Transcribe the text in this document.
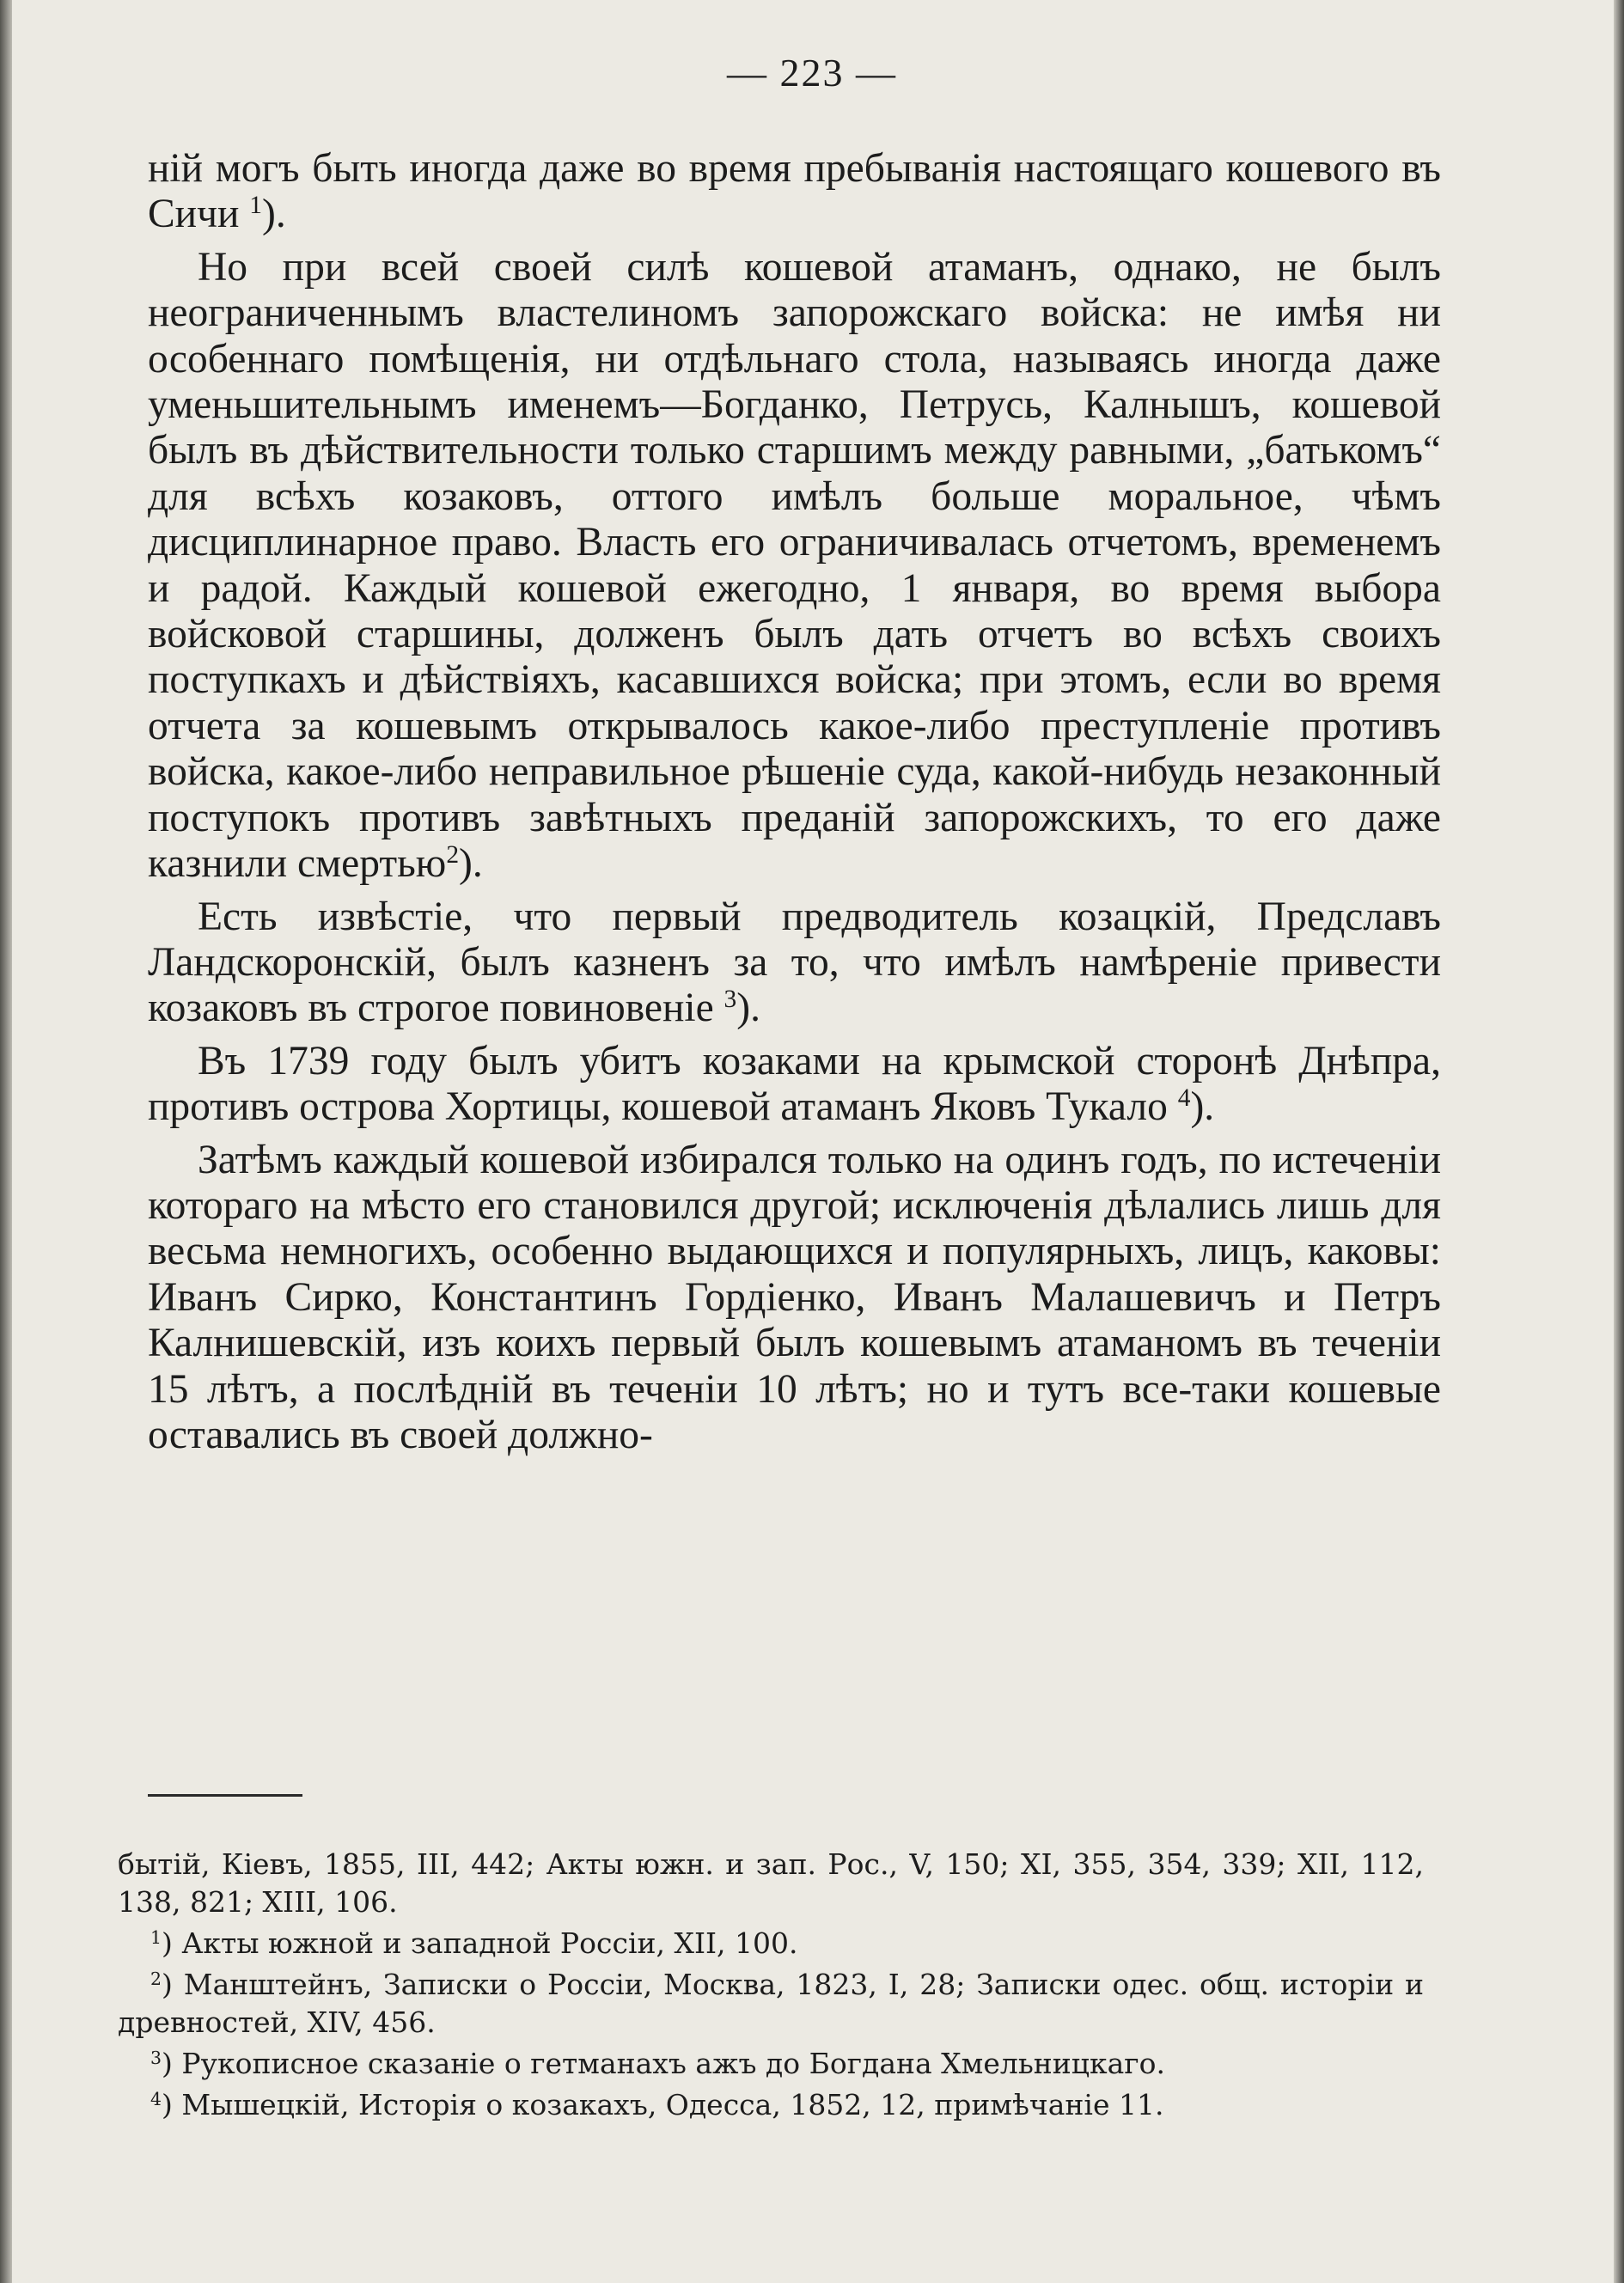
— 223 —

ній могъ быть иногда даже во время пребыванія настоящаго кошевого въ Сичи $^1$).

Но при всей своей силѣ кошевой атаманъ, однако, не былъ неограниченнымъ властелиномъ запорожскаго войска: не имѣя ни особеннаго помѣщенія, ни отдѣльнаго стола, называясь иногда даже уменьшительнымъ именемъ—Богданко, Петрусь, Калнышъ, кошевой былъ въ дѣйствительности только старшимъ между равными, „батькомъ“ для всѣхъ козаковъ, оттого имѣлъ больше моральное, чѣмъ дисциплинарное право. Власть его ограничивалась отчетомъ, временемъ и радой. Каждый кошевой ежегодно, 1 января, во время выбора войсковой старшины, долженъ былъ дать отчетъ во всѣхъ своихъ поступкахъ и дѣйствіяхъ, касавшихся войска; при этомъ, если во время отчета за кошевымъ открывалось какое-либо преступленіе противъ войска, какое-либо неправильное рѣшеніе суда, какой-нибудь незаконный поступокъ противъ завѣтныхъ преданій запорожскихъ, то его даже казнили смертью$^2$).

Есть извѣстіе, что первый предводитель козацкій, Предславъ Ландскоронскій, былъ казненъ за то, что имѣлъ намѣреніе привести козаковъ въ строгое повиновеніе $^3$).

Въ 1739 году былъ убитъ козаками на крымской сторонѣ Днѣпра, противъ острова Хортицы, кошевой атаманъ Яковъ Тукало $^4$).

Затѣмъ каждый кошевой избирался только на одинъ годъ, по истеченіи котораго на мѣсто его становился другой; исключенія дѣлались лишь для весьма немногихъ, особенно выдающихся и популярныхъ, лицъ, каковы: Иванъ Сирко, Константинъ Гордіенко, Иванъ Малашевичъ и Петръ Калнишевскій, изъ коихъ первый былъ кошевымъ атаманомъ въ теченіи 15 лѣтъ, а послѣдній въ теченіи 10 лѣтъ; но и тутъ все-таки кошевые оставались въ своей должно-

бытій, Кіевъ, 1855, III, 442; Акты южн. и зап. Рос., V, 150; XI, 355, 354, 339; XII, 112, 138, 821; XIII, 106.

$^1$) Акты южной и западной Россіи, XII, 100.

$^2$) Манштейнъ, Записки о Россіи, Москва, 1823, I, 28; Записки одес. общ. исторіи и древностей, XIV, 456.

$^3$) Рукописное сказаніе о гетманахъ ажъ до Богдана Хмельницкаго.

$^4$) Мышецкій, Исторія о козакахъ, Одесса, 1852, 12, примѣчаніе 11.
